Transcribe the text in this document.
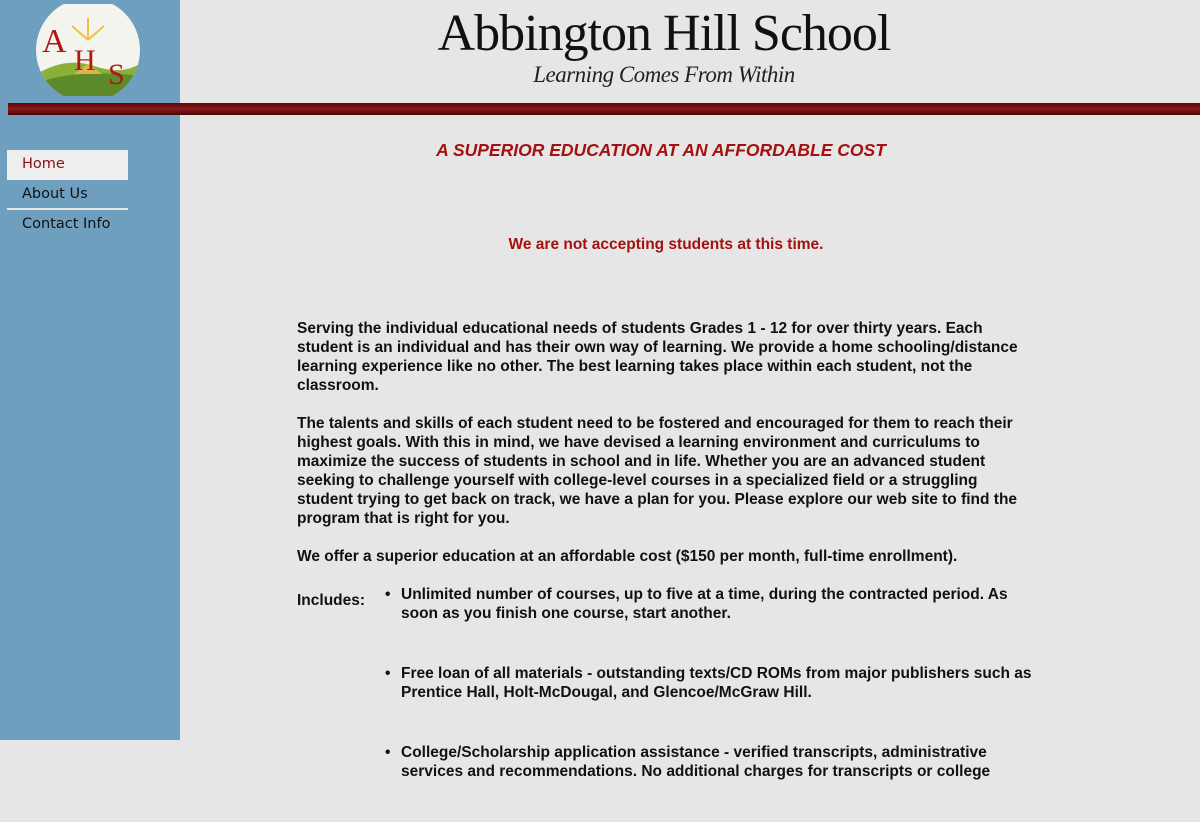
A
H S
Abbington Hill School
Learning Comes From Within
Home
About Us
Contact Info
A SUPERIOR EDUCATION AT AN AFFORDABLE COST
We are not accepting students at this time.

Serving the individual educational needs of students Grades 1 - 12 for over thirty years. Each student is an individual and has their own way of learning. We provide a home schooling/distance learning experience like no other. The best learning takes place within each student, not the classroom.

The talents and skills of each student need to be fostered and encouraged for them to reach their highest goals. With this in mind, we have devised a learning environment and curriculums to maximize the success of students in school and in life. Whether you are an advanced student seeking to challenge yourself with college-level courses in a specialized field or a struggling student trying to get back on track, we have a plan for you. Please explore our web site to find the program that is right for you.

We offer a superior education at an affordable cost ($150 per month, full-time enrollment).

Includes:
• Unlimited number of courses, up to five at a time, during the contracted period. As soon as you finish one course, start another.
• Free loan of all materials - outstanding texts/CD ROMs from major publishers such as Prentice Hall, Holt-McDougal, and Glencoe/McGraw Hill.
• College/Scholarship application assistance - verified transcripts, administrative services and recommendations. No additional charges for transcripts or college
